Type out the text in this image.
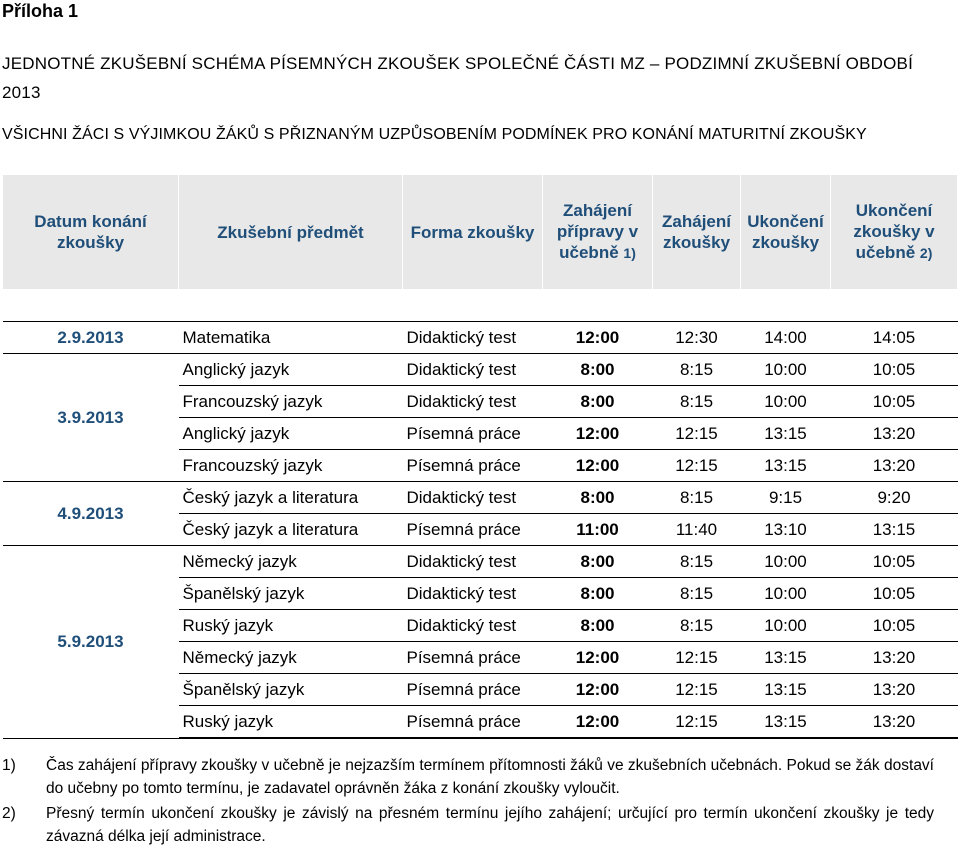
Příloha 1
JEDNOTNÉ ZKUŠEBNÍ SCHÉMA PÍSEMNÝCH ZKOUŠEK SPOLEČNÉ ČÁSTI MZ – PODZIMNÍ ZKUŠEBNÍ OBDOBÍ 2013
VŠICHNI ŽÁCI S VÝJIMKOU ŽÁKŮ S PŘIZNANÝM UZPŮSOBENÍM PODMÍNEK PRO KONÁNÍ MATURITNÍ ZKOUŠKY
Datum konání zkoušky	Zkušební předmět	Forma zkoušky	Zahájení přípravy v učebně 1)	Zahájení zkoušky	Ukončení zkoušky	Ukončení zkoušky v učebně 2)

2.9.2013	Matematika	Didaktický test	12:00	12:30	14:00	14:05
3.9.2013	Anglický jazyk	Didaktický test	8:00	8:15	10:00	10:05
	Francouzský jazyk	Didaktický test	8:00	8:15	10:00	10:05
	Anglický jazyk	Písemná práce	12:00	12:15	13:15	13:20
	Francouzský jazyk	Písemná práce	12:00	12:15	13:15	13:20
4.9.2013	Český jazyk a literatura	Didaktický test	8:00	8:15	9:15	9:20
	Český jazyk a literatura	Písemná práce	11:00	11:40	13:10	13:15
5.9.2013	Německý jazyk	Didaktický test	8:00	8:15	10:00	10:05
	Španělský jazyk	Didaktický test	8:00	8:15	10:00	10:05
	Ruský jazyk	Didaktický test	8:00	8:15	10:00	10:05
	Německý jazyk	Písemná práce	12:00	12:15	13:15	13:20
	Španělský jazyk	Písemná práce	12:00	12:15	13:15	13:20
	Ruský jazyk	Písemná práce	12:00	12:15	13:15	13:20
1)	Čas zahájení přípravy zkoušky v učebně je nejzazším termínem přítomnosti žáků ve zkušebních učebnách. Pokud se žák dostaví do učebny po tomto termínu, je zadavatel oprávněn žáka z konání zkoušky vyloučit.
2)	Přesný termín ukončení zkoušky je závislý na přesném termínu jejího zahájení; určující pro termín ukončení zkoušky je tedy závazná délka její administrace.
